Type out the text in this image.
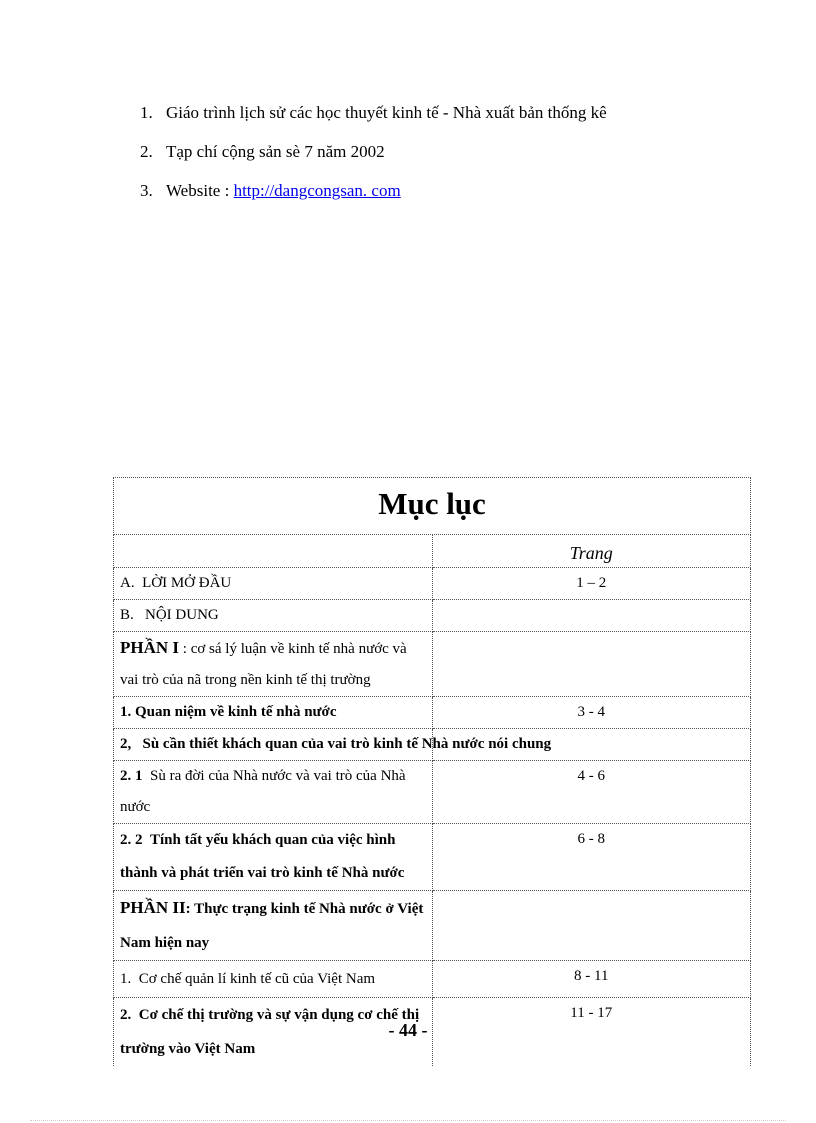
1. Giáo trình lịch sử các học thuyết kinh tế - Nhà xuất bản thống kê
2. Tạp chí cộng sản sè 7 năm 2002
3. Website : http://dangcongsan. com
Mục lục	
	Trang
A. LỜI MỞ ĐẦU	1 – 2
B. NỘI DUNG	
PHẦN I : cơ sá lý luận về kinh tế nhà nước và vai trò của nã trong nền kinh tế thị trường	
1. Quan niệm về kinh tế nhà nước	3 - 4
2,   Sù cần thiết khách quan của vai trò kinh tế Nhà nước nói chung	
2. 1 Sù ra đời của Nhà nước và vai trò của Nhà nước	4 - 6
2. 2 Tính tất yếu khách quan của việc hình thành và phát triển vai trò kinh tế Nhà nước	6 - 8
PHẦN II: Thực trạng kinh tế Nhà nước ở Việt Nam hiện nay	
1. Cơ chế quản lí kinh tế cũ của Việt Nam	8 - 11
2. Cơ chế thị trường và sự vận dụng cơ chế thị trường vào Việt Nam	11 - 17
- 44 -
